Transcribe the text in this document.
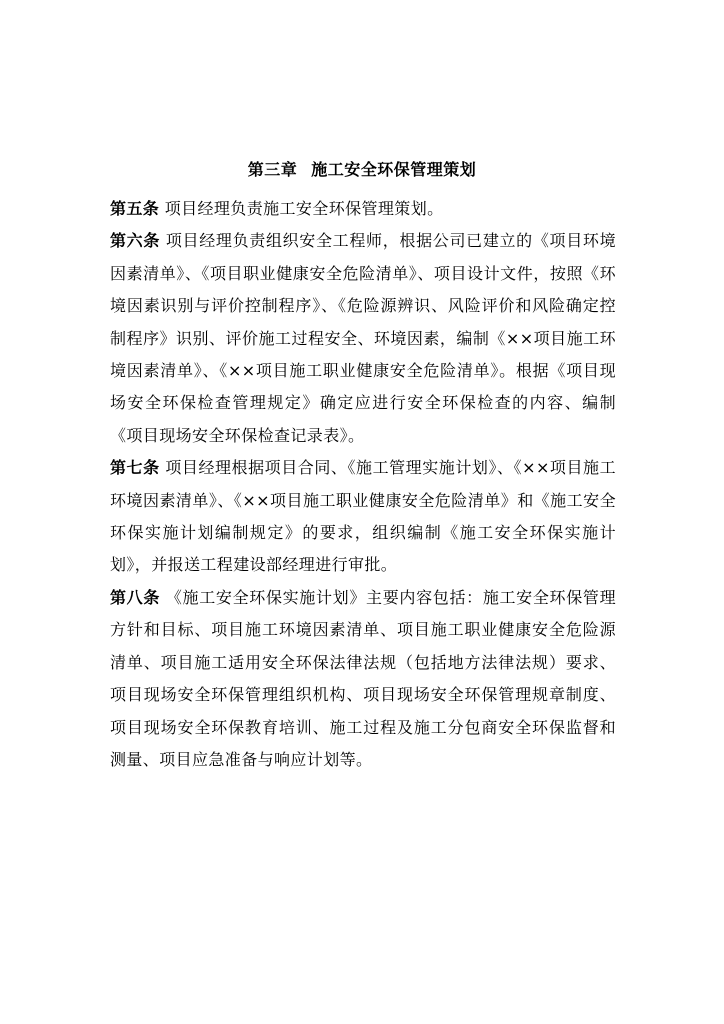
第三章 施工安全环保管理策划

第五条 项目经理负责施工安全环保管理策划。

第六条 项目经理负责组织安全工程师，根据公司已建立的《项目环境因素清单》、《项目职业健康安全危险清单》、项目设计文件，按照《环境因素识别与评价控制程序》、《危险源辨识、风险评价和风险确定控制程序》识别、评价施工过程安全、环境因素，编制《××项目施工环境因素清单》、《××项目施工职业健康安全危险清单》。根据《项目现场安全环保检查管理规定》确定应进行安全环保检查的内容、编制《项目现场安全环保检查记录表》。

第七条 项目经理根据项目合同、《施工管理实施计划》、《××项目施工环境因素清单》、《××项目施工职业健康安全危险清单》和《施工安全环保实施计划编制规定》的要求，组织编制《施工安全环保实施计划》，并报送工程建设部经理进行审批。

第八条 《施工安全环保实施计划》主要内容包括：施工安全环保管理方针和目标、项目施工环境因素清单、项目施工职业健康安全危险源清单、项目施工适用安全环保法律法规（包括地方法律法规）要求、项目现场安全环保管理组织机构、项目现场安全环保管理规章制度、项目现场安全环保教育培训、施工过程及施工分包商安全环保监督和测量、项目应急准备与响应计划等。
